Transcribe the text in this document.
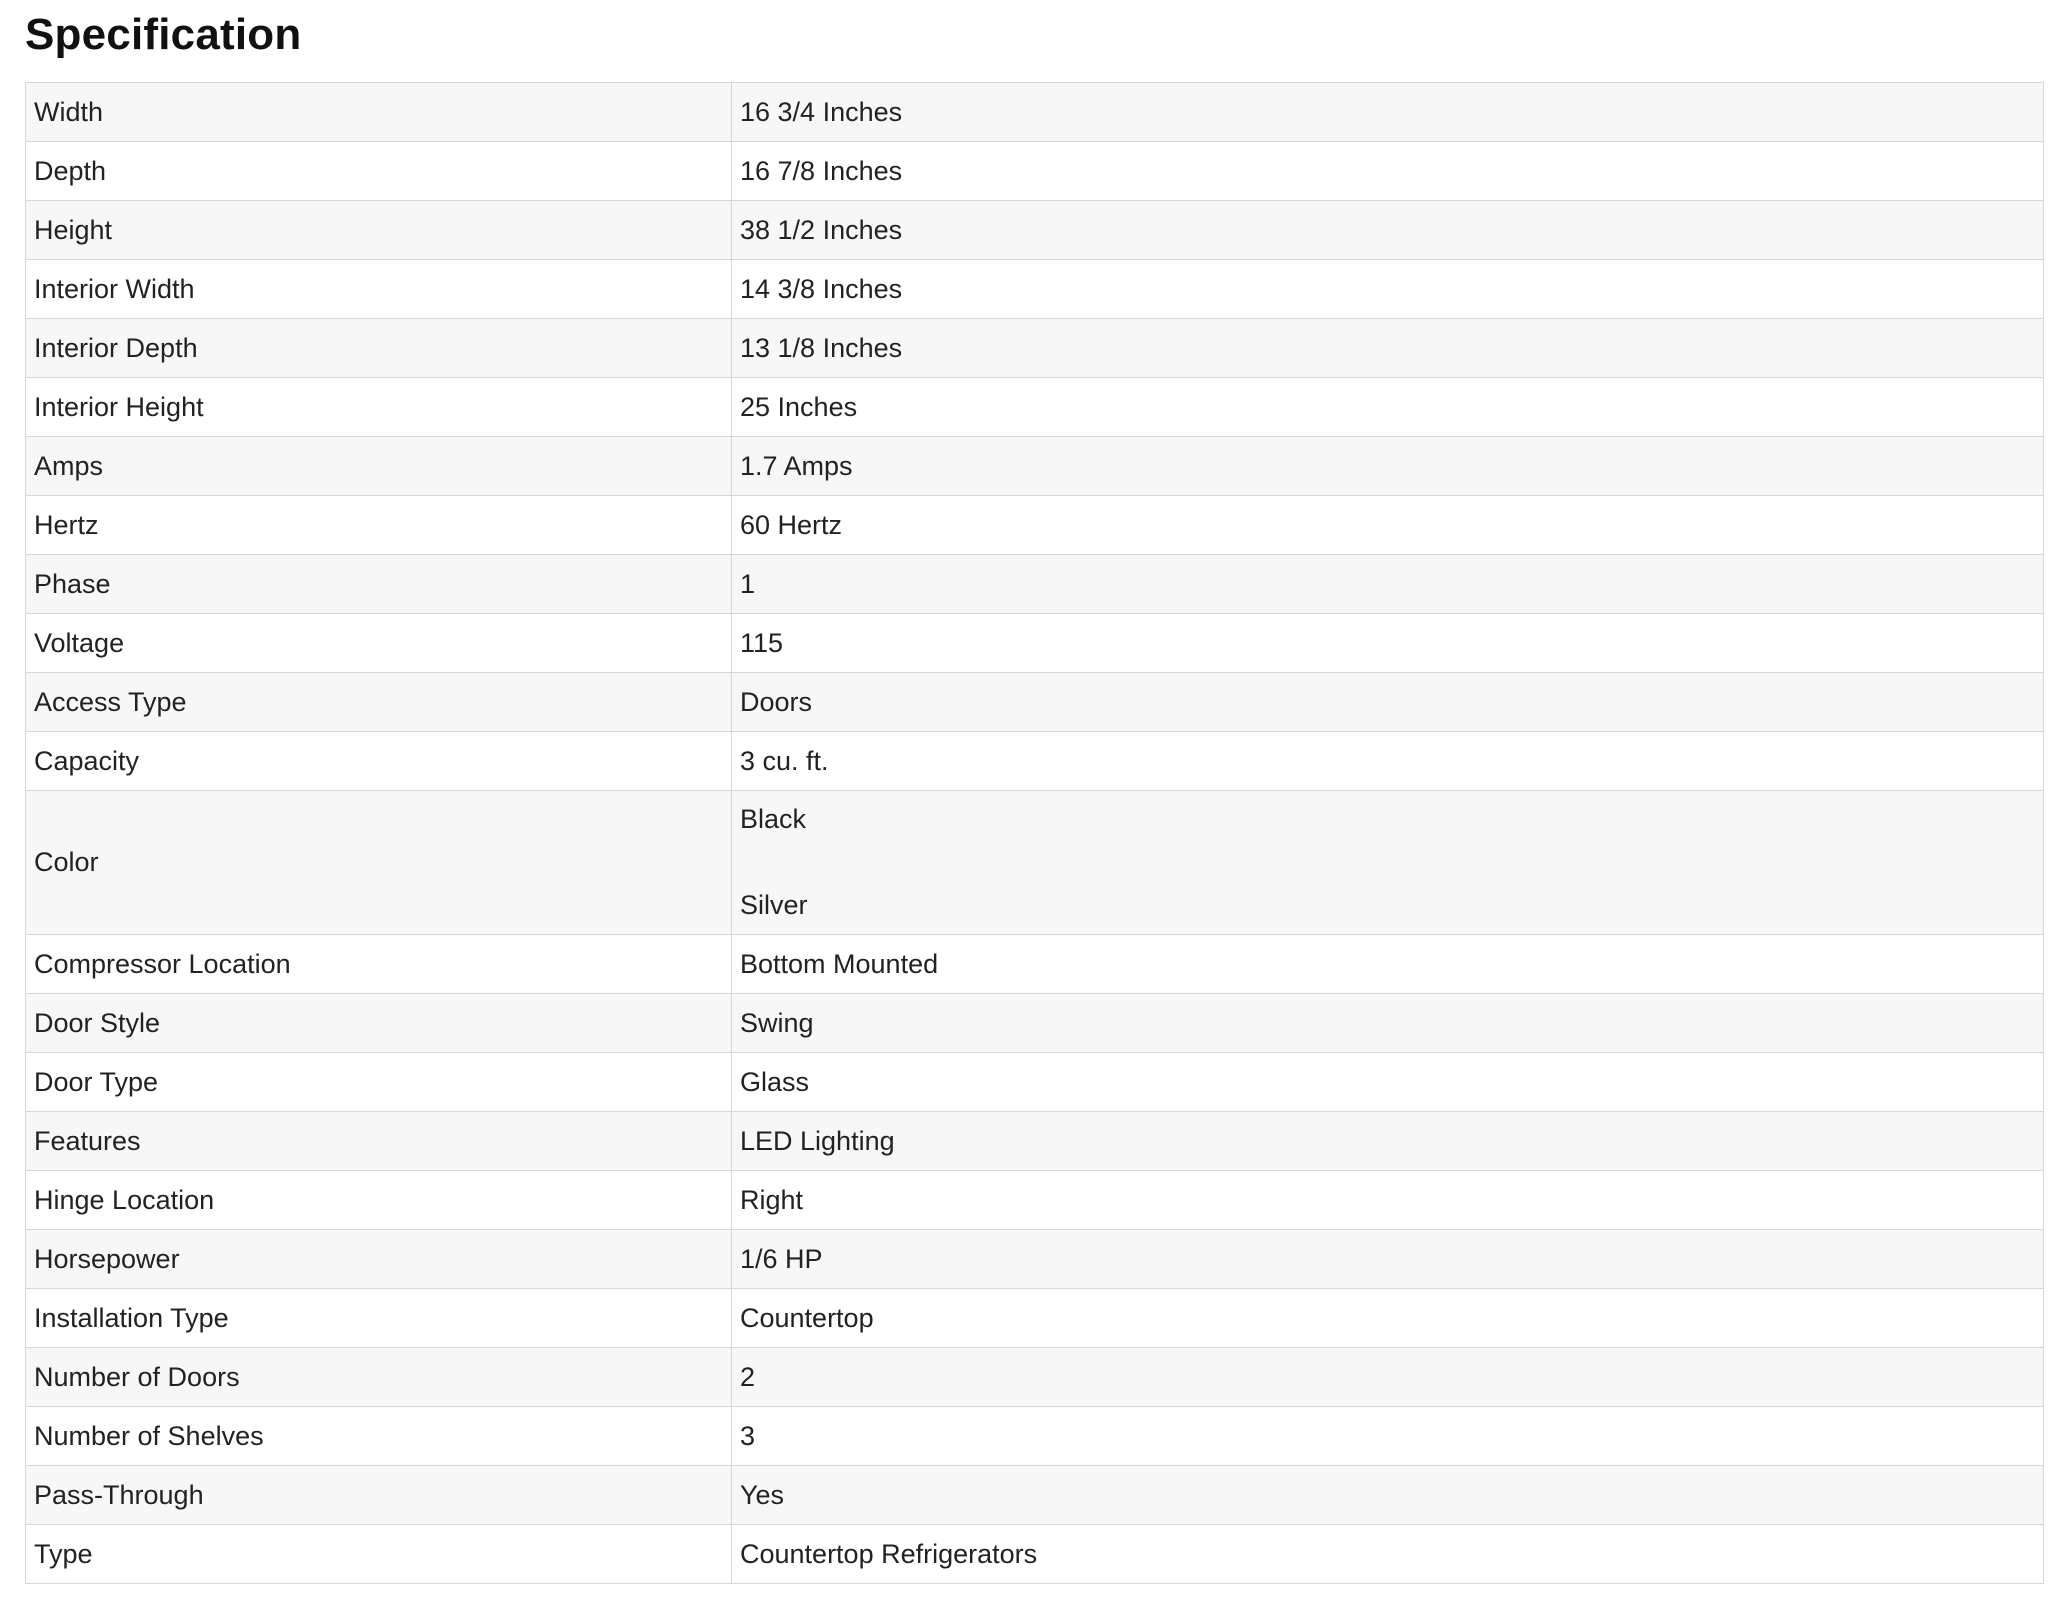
Specification
Width	16 3/4 Inches
Depth	16 7/8 Inches
Height	38 1/2 Inches
Interior Width	14 3/8 Inches
Interior Depth	13 1/8 Inches
Interior Height	25 Inches
Amps	1.7 Amps
Hertz	60 Hertz
Phase	1
Voltage	115
Access Type	Doors
Capacity	3 cu. ft.
Color	Black

Silver

Compressor Location	Bottom Mounted
Door Style	Swing
Door Type	Glass
Features	LED Lighting
Hinge Location	Right
Horsepower	1/6 HP
Installation Type	Countertop
Number of Doors	2
Number of Shelves	3
Pass-Through	Yes
Type	Countertop Refrigerators
